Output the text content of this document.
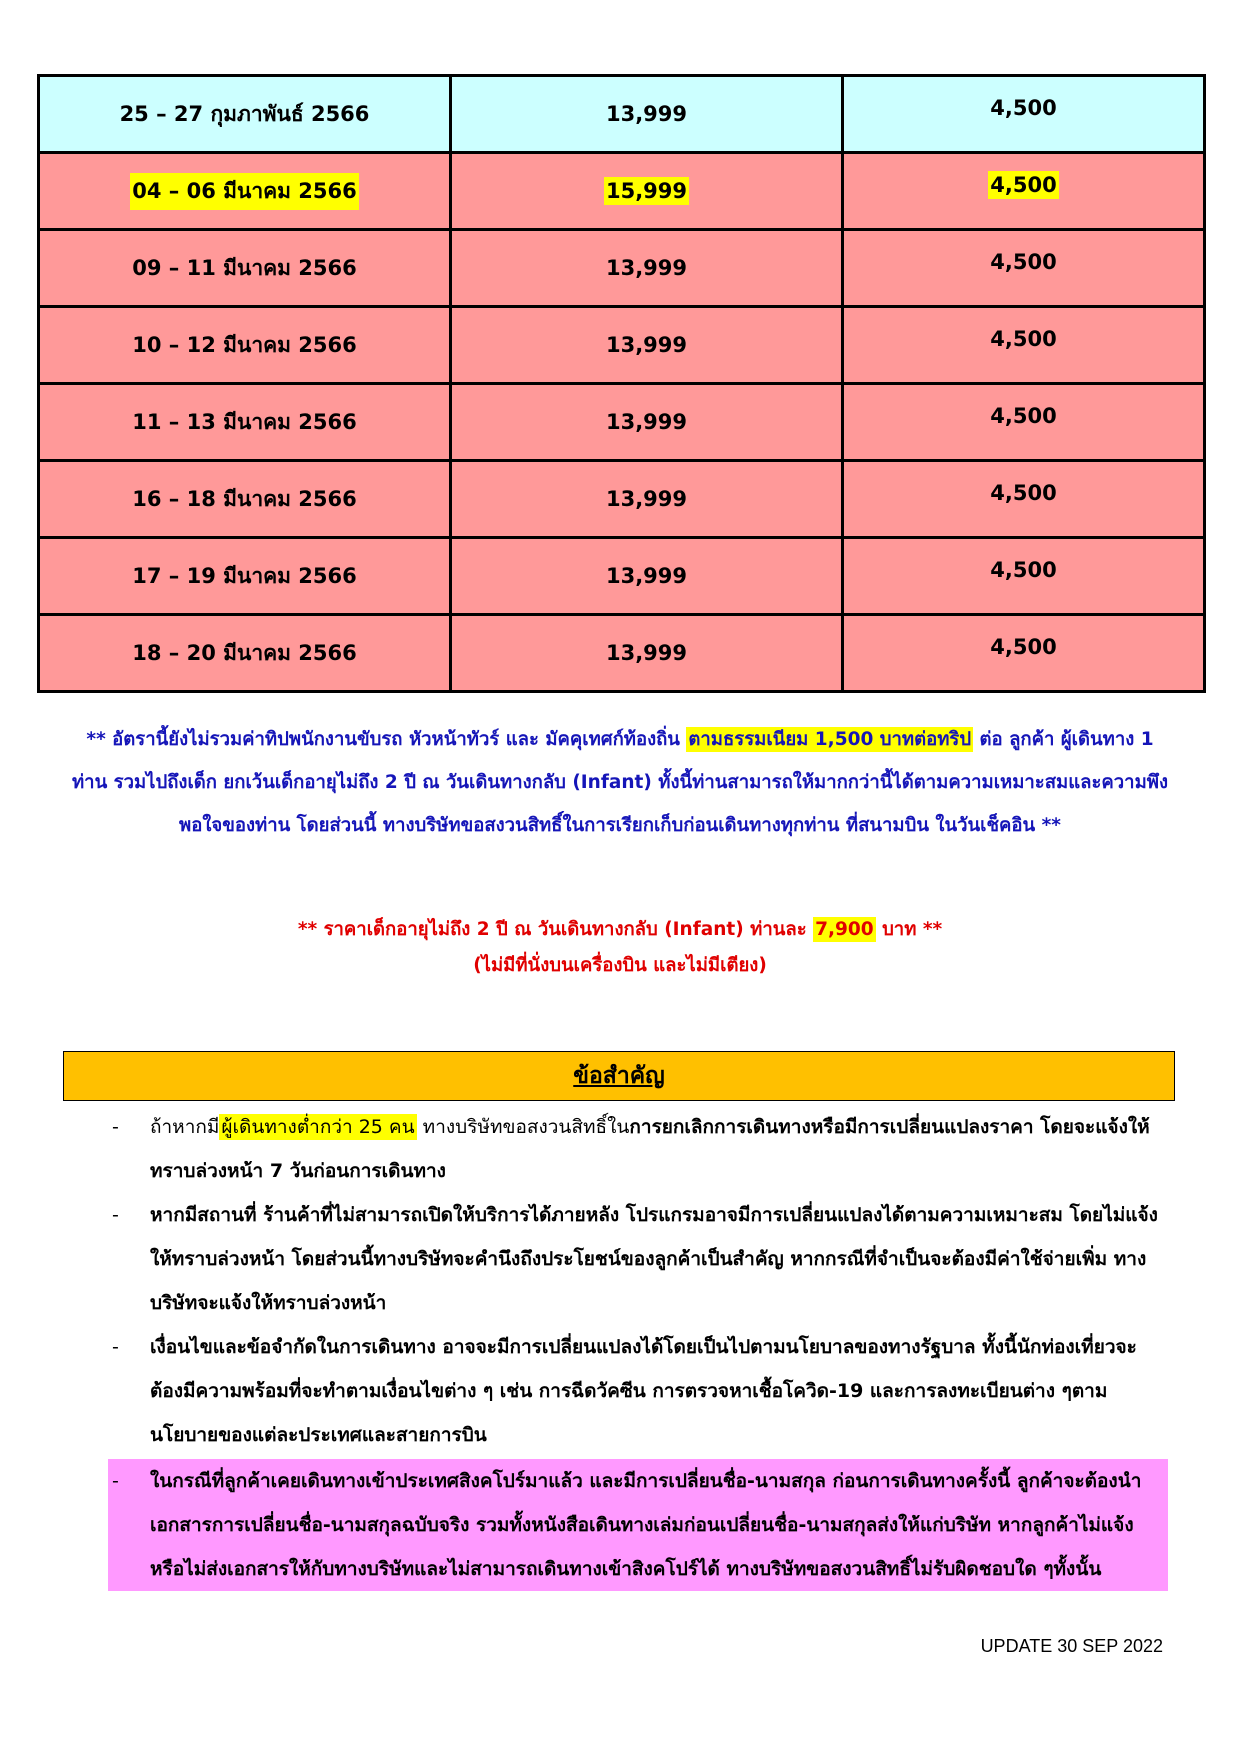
25 – 27 กุมภาพันธ์ 2566	13,999	4,500
04 – 06 มีนาคม 2566	15,999	4,500
09 – 11 มีนาคม 2566	13,999	4,500
10 – 12 มีนาคม 2566	13,999	4,500
11 – 13 มีนาคม 2566	13,999	4,500
16 – 18 มีนาคม 2566	13,999	4,500
17 – 19 มีนาคม 2566	13,999	4,500
18 – 20 มีนาคม 2566	13,999	4,500
** อัตรานี้ยังไม่รวมค่าทิปพนักงานขับรถ หัวหน้าทัวร์ และ มัคคุเทศก์ท้องถิ่น ตามธรรมเนียม 1,500 บาทต่อทริป ต่อ ลูกค้า ผู้เดินทาง 1 ท่าน รวมไปถึงเด็ก ยกเว้นเด็กอายุไม่ถึง 2 ปี ณ วันเดินทางกลับ (Infant) ทั้งนี้ท่านสามารถให้มากกว่านี้ได้ตามความเหมาะสมและความพึงพอใจของท่าน โดยส่วนนี้ ทางบริษัทขอสงวนสิทธิ์ในการเรียกเก็บก่อนเดินทางทุกท่าน ที่สนามบิน ในวันเช็คอิน **
** ราคาเด็กอายุไม่ถึง 2 ปี ณ วันเดินทางกลับ (Infant) ท่านละ 7,900 บาท **
(ไม่มีที่นั่งบนเครื่องบิน และไม่มีเตียง)
ข้อสำคัญ
- ถ้าหากมี ผู้เดินทางต่ำกว่า 25 คน ทางบริษัทขอสงวนสิทธิ์ในการยกเลิกการเดินทางหรือมีการเปลี่ยนแปลงราคา โดยจะแจ้งให้ทราบล่วงหน้า 7 วันก่อนการเดินทาง
- หากมีสถานที่ ร้านค้าที่ไม่สามารถเปิดให้บริการได้ภายหลัง โปรแกรมอาจมีการเปลี่ยนแปลงได้ตามความเหมาะสม โดยไม่แจ้งให้ทราบล่วงหน้า โดยส่วนนี้ทางบริษัทจะคำนึงถึงประโยชน์ของลูกค้าเป็นสำคัญ หากกรณีที่จำเป็นจะต้องมีค่าใช้จ่ายเพิ่ม ทางบริษัทจะแจ้งให้ทราบล่วงหน้า
- เงื่อนไขและข้อจำกัดในการเดินทาง อาจจะมีการเปลี่ยนแปลงได้โดยเป็นไปตามนโยบาลของทางรัฐบาล ทั้งนี้นักท่องเที่ยวจะต้องมีความพร้อมที่จะทำตามเงื่อนไขต่าง ๆ เช่น การฉีดวัคซีน การตรวจหาเชื้อโควิด-19 และการลงทะเบียนต่าง ๆตามนโยบายของแต่ละประเทศและสายการบิน
- ในกรณีที่ลูกค้าเคยเดินทางเข้าประเทศสิงคโปร์มาแล้ว และมีการเปลี่ยนชื่อ-นามสกุล ก่อนการเดินทางครั้งนี้ ลูกค้าจะต้องนำเอกสารการเปลี่ยนชื่อ-นามสกุลฉบับจริง รวมทั้งหนังสือเดินทางเล่มก่อนเปลี่ยนชื่อ-นามสกุลส่งให้แก่บริษัท หากลูกค้าไม่แจ้งหรือไม่ส่งเอกสารให้กับทางบริษัทและไม่สามารถเดินทางเข้าสิงคโปร์ได้ ทางบริษัทขอสงวนสิทธิ์ไม่รับผิดชอบใด ๆทั้งนั้น
UPDATE 30 SEP 2022
